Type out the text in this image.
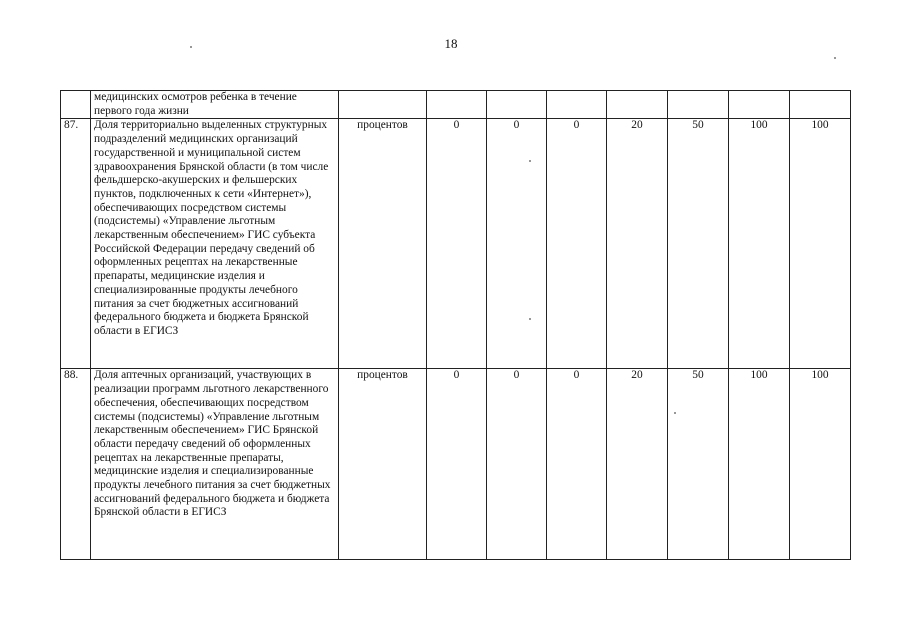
18
	медицинских осмотров ребенка в течение первого года жизни								
87.	Доля территориально выделенных структурных подразделений медицинских организаций государственной и муниципальной систем здравоохранения Брянской области (в том числе фельдшерско-акушерских и фельшерских пунктов, подключенных к сети «Интернет»), обеспечивающих посредством системы (подсистемы) «Управление льготным лекарственным обеспечением» ГИС субъекта Российской Федерации передачу сведений об оформленных рецептах на лекарственные препараты, медицинские изделия и специализированные продукты лечебного питания за счет бюджетных ассигнований федерального бюджета и бюджета Брянской области в ЕГИСЗ	процентов	0	0	0	20	50	100	100
88.	Доля аптечных организаций, участвующих в реализации программ льготного лекарственного обеспечения, обеспечивающих посредством системы (подсистемы) «Управление льготным лекарственным обеспечением» ГИС Брянской области передачу сведений об оформленных рецептах на лекарственные препараты, медицинские изделия и специализированные продукты лечебного питания за счет бюджетных ассигнований федерального бюджета и бюджета Брянской области в ЕГИСЗ	процентов	0	0	0	20	50	100	100
